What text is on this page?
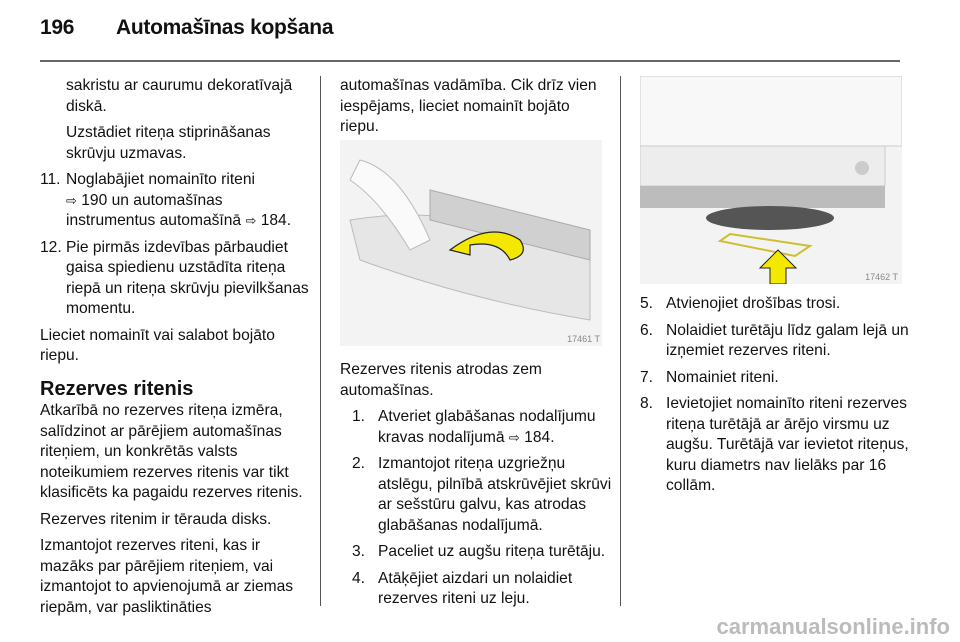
196 Automašīnas kopšana

sakristu ar caurumu dekoratīvajā diskā.

Uzstādiet riteņa stiprināšanas skrūvju uzmavas.

11. Noglabājiet nomainīto riteni
⇨ 190 un automašīnas instrumentus automašīnā ⇨ 184.
12. Pie pirmās izdevības pārbaudiet gaisa spiedienu uzstādīta riteņa riepā un riteņa skrūvju pievilkšanas momentu.

Lieciet nomainīt vai salabot bojāto riepu.

Rezerves ritenis

Atkarībā no rezerves riteņa izmēra, salīdzinot ar pārējiem automašīnas riteņiem, un konkrētās valsts noteikumiem rezerves ritenis var tikt klasificēts ka pagaidu rezerves ritenis.

Rezerves ritenim ir tērauda disks.

Izmantojot rezerves riteni, kas ir mazāks par pārējiem riteņiem, vai izmantojot to apvienojumā ar ziemas riepām, var pasliktināties

automašīnas vadāmība. Cik drīz vien iespējams, lieciet nomainīt bojāto riepu.

17461 T

Rezerves ritenis atrodas zem automašīnas.

1. Atveriet glabāšanas nodalījumu kravas nodalījumā ⇨ 184.
2. Izmantojot riteņa uzgriežņu atslēgu, pilnībā atskrūvējiet skrūvi ar sešstūru galvu, kas atrodas glabāšanas nodalījumā.
3. Paceliet uz augšu riteņa turētāju.
4. Atāķējiet aizdari un nolaidiet rezerves riteni uz leju.
17462 T
5. Atvienojiet drošības trosi.
6. Nolaidiet turētāju līdz galam lejā un izņemiet rezerves riteni.
7. Nomainiet riteni.
8. Ievietojiet nomainīto riteni rezerves riteņa turētājā ar ārējo virsmu uz augšu. Turētājā var ievietot riteņus, kuru diametrs nav lielāks par 16 collām.
carmanualsonline.info
